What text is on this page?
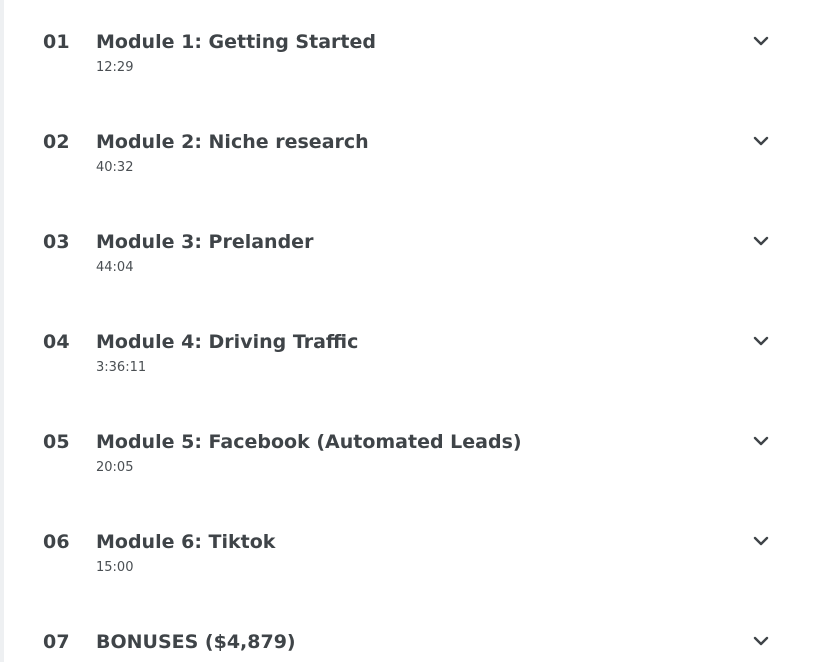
01 Module 1: Getting Started
12:29
02 Module 2: Niche research
40:32
03 Module 3: Prelander
44:04
04 Module 4: Driving Traffic
3:36:11
05 Module 5: Facebook (Automated Leads)
20:05
06 Module 6: Tiktok
15:00
07 BONUSES ($4,879)
